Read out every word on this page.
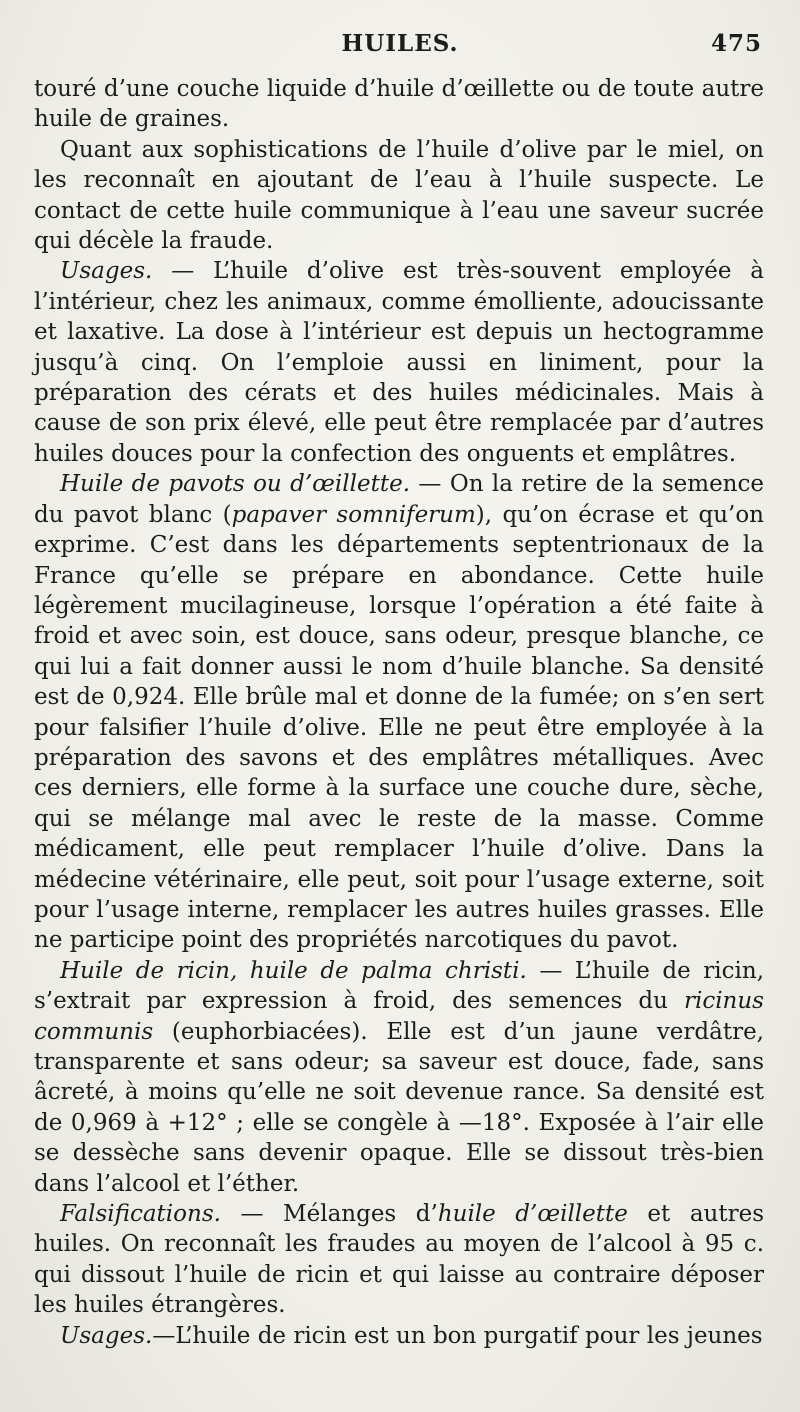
HUILES.	475

touré d’une couche liquide d’huile d’œillette ou de toute autre huile de graines.

Quant aux sophistications de l’huile d’olive par le miel, on les reconnaît en ajoutant de l’eau à l’huile suspecte. Le contact de cette huile communique à l’eau une saveur sucrée qui décèle la fraude.

Usages. — L’huile d’olive est très-souvent employée à l’intérieur, chez les animaux, comme émolliente, adoucissante et laxative. La dose à l’intérieur est depuis un hectogramme jusqu’à cinq. On l’emploie aussi en liniment, pour la préparation des cérats et des huiles médicinales. Mais à cause de son prix élevé, elle peut être remplacée par d’autres huiles douces pour la confection des onguents et emplâtres.

Huile de pavots ou d’œillette. — On la retire de la semence du pavot blanc (papaver somniferum), qu’on écrase et qu’on exprime. C’est dans les départements septentrionaux de la France qu’elle se prépare en abondance. Cette huile légèrement mucilagineuse, lorsque l’opération a été faite à froid et avec soin, est douce, sans odeur, presque blanche, ce qui lui a fait donner aussi le nom d’huile blanche. Sa densité est de 0,924. Elle brûle mal et donne de la fumée; on s’en sert pour falsifier l’huile d’olive. Elle ne peut être employée à la préparation des savons et des emplâtres métalliques. Avec ces derniers, elle forme à la surface une couche dure, sèche, qui se mélange mal avec le reste de la masse. Comme médicament, elle peut remplacer l’huile d’olive. Dans la médecine vétérinaire, elle peut, soit pour l’usage externe, soit pour l’usage interne, remplacer les autres huiles grasses. Elle ne participe point des propriétés narcotiques du pavot.

Huile de ricin, huile de palma christi. — L’huile de ricin, s’extrait par expression à froid, des semences du ricinus communis (euphorbiacées). Elle est d’un jaune verdâtre, transparente et sans odeur; sa saveur est douce, fade, sans âcreté, à moins qu’elle ne soit devenue rance. Sa densité est de 0,969 à +12° ; elle se congèle à —18°. Exposée à l’air elle se dessèche sans devenir opaque. Elle se dissout très-bien dans l’alcool et l’éther.

Falsifications. — Mélanges d’huile d’œillette et autres huiles. On reconnaît les fraudes au moyen de l’alcool à 95 c. qui dissout l’huile de ricin et qui laisse au contraire déposer les huiles étrangères.

Usages.—L’huile de ricin est un bon purgatif pour les jeunes
